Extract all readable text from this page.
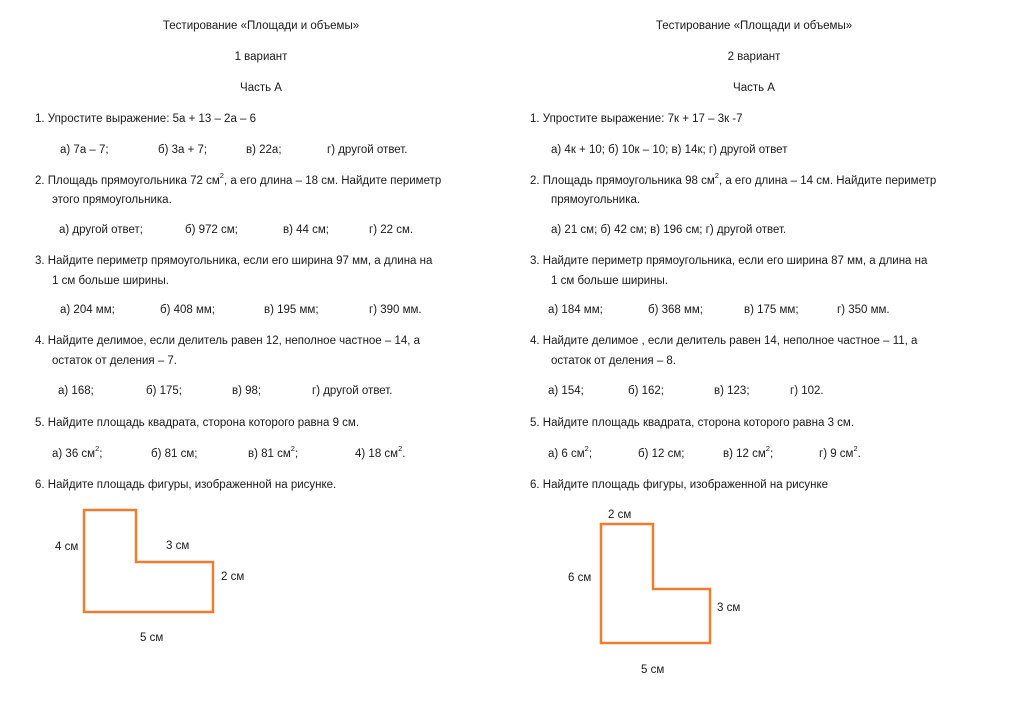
Тестирование «Площади и объемы»
1 вариант
Часть А
1. Упростите выражение: 5а + 13 – 2а – 6
а) 7а – 7;	б) 3а + 7;	в) 22а;	г) другой ответ.
2. Площадь прямоугольника 72 $см^2$, а его длина – 18 см. Найдите периметр
этого прямоугольника.
а) другой ответ;	б) 972 см;	в) 44 см;	г) 22 см.
3. Найдите периметр прямоугольника, если его ширина 97 мм, а длина на
1 см больше ширины.
а) 204 мм;	б) 408 мм;	в) 195 мм;	г) 390 мм.
4. Найдите делимое, если делитель равен 12, неполное частное – 14, а
остаток от деления – 7.
а) 168;	б) 175;	в) 98;	г) другой ответ.
5. Найдите площадь квадрата, сторона которого равна 9 см.
а) 36 $см^2$;	б) 81 см;	в) 81 $см^2$;	4) 18 $см^2$.
6. Найдите площадь фигуры, изображенной на рисунке.
4 см	3 см
2 см
5 см
Тестирование «Площади и объемы»
2 вариант
Часть А
1. Упростите выражение: 7к + 17 – 3к -7
а) 4к + 10; б) 10к – 10; в) 14к; г) другой ответ
2. Площадь прямоугольника 98 $см^2$, а его длина – 14 см. Найдите периметр
прямоугольника.
а) 21 см; б) 42 см; в) 196 см; г) другой ответ.
3. Найдите периметр прямоугольника, если его ширина 87 мм, а длина на
1 см больше ширины.
а) 184 мм;	б) 368 мм;	в) 175 мм;	г) 350 мм.
4. Найдите делимое , если делитель равен 14, неполное частное – 11, а
остаток от деления – 8.
а) 154;	б) 162;	в) 123;	г) 102.
5. Найдите площадь квадрата, сторона которого равна 3 см.
а) 6 $см^2$;	б) 12 см;	в) 12 $см^2$;	г) 9 $см^2$.
6. Найдите площадь фигуры, изображенной на рисунке
2 см
6 см
3 см
5 см
